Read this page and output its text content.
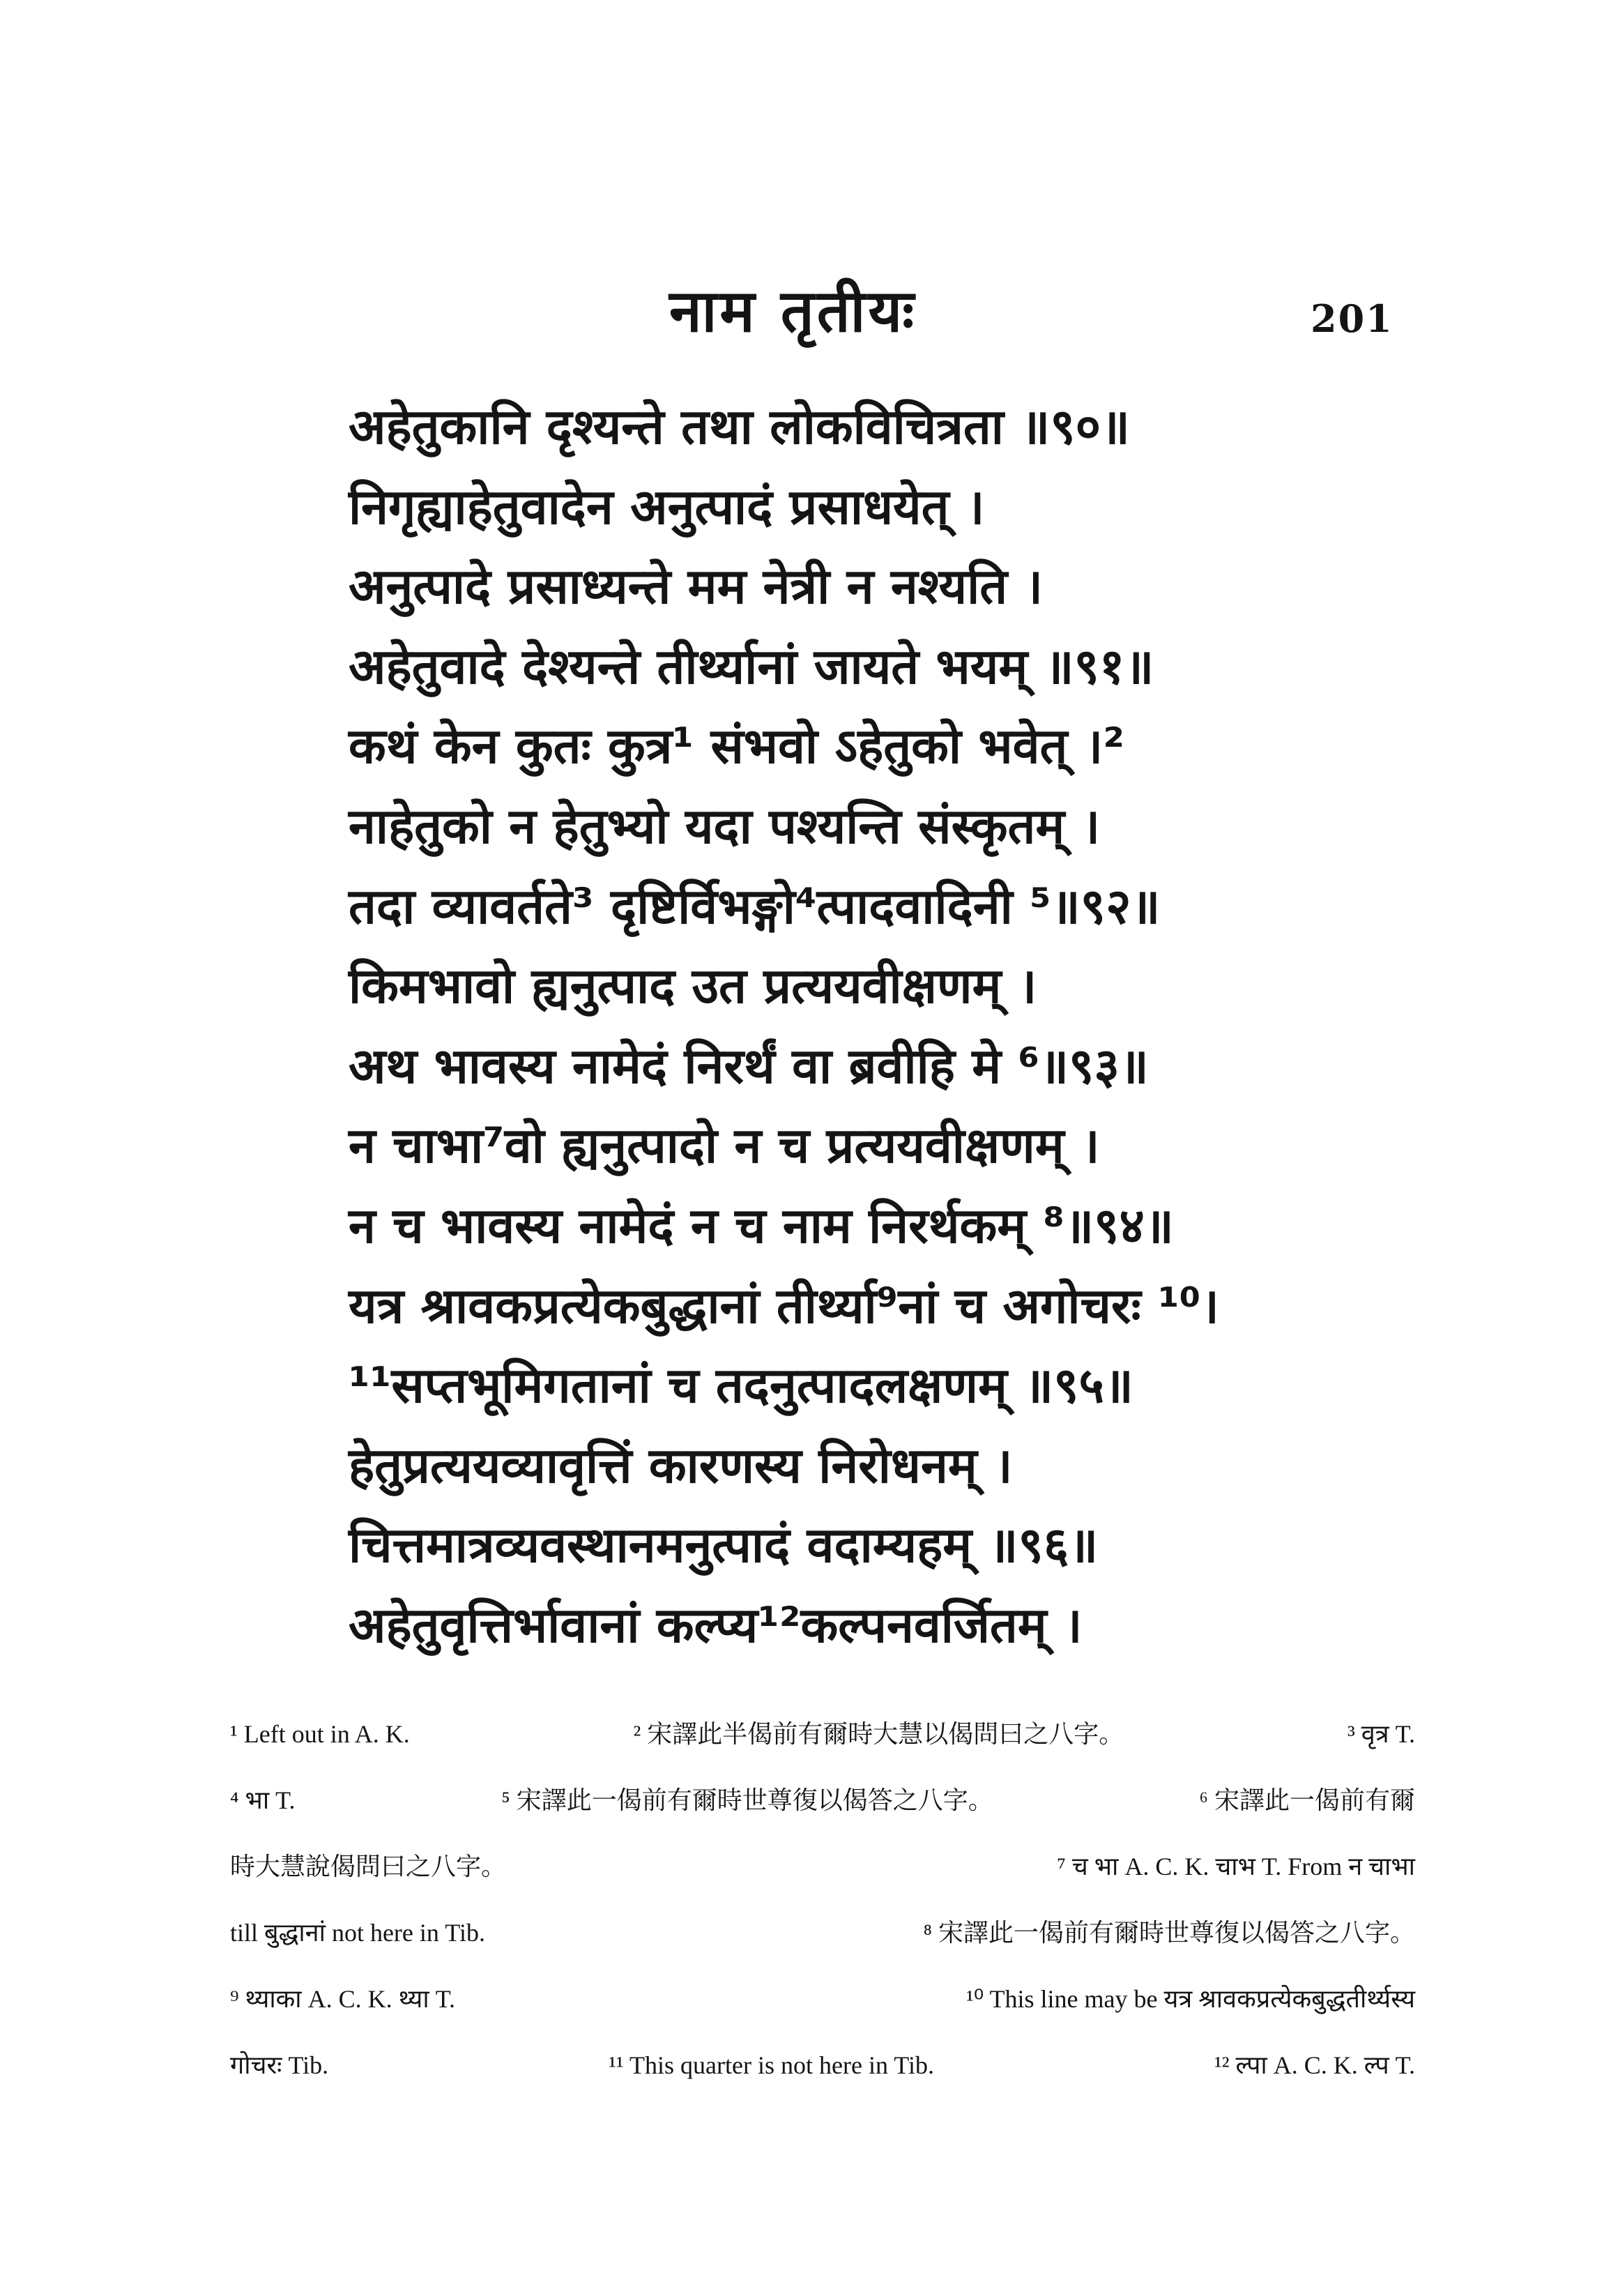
नाम तृतीयः	201
अहेतुकानि दृश्यन्ते तथा लोकविचित्रता ॥९०॥
निगृह्याहेतुवादेन अनुत्पादं प्रसाधयेत् ।
अनुत्पादे प्रसाध्यन्ते मम नेत्री न नश्यति ।
अहेतुवादे देश्यन्ते तीर्थ्यानां जायते भयम् ॥९१॥
कथं केन कुतः कुत्र¹ संभवो ऽहेतुको भवेत् ।²
नाहेतुको न हेतुभ्यो यदा पश्यन्ति संस्कृतम् ।
तदा व्यावर्तते³ दृष्टिर्विभङ्गो⁴त्पादवादिनी ⁵॥९२॥
किमभावो ह्यनुत्पाद उत प्रत्ययवीक्षणम् ।
अथ भावस्य नामेदं निरर्थं वा ब्रवीहि मे ⁶॥९३॥
न चाभा⁷वो ह्यनुत्पादो न च प्रत्ययवीक्षणम् ।
न च भावस्य नामेदं न च नाम निरर्थकम् ⁸॥९४॥
यत्र श्रावकप्रत्येकबुद्धानां तीर्थ्या⁹नां च अगोचरः ¹⁰।
¹¹सप्तभूमिगतानां च तदनुत्पादलक्षणम् ॥९५॥
हेतुप्रत्ययव्यावृत्तिं कारणस्य निरोधनम् ।
चित्तमात्रव्यवस्थानमनुत्पादं वदाम्यहम् ॥९६॥
अहेतुवृत्तिर्भावानां कल्प्य¹²कल्पनवर्जितम् ।
¹ Left out in A. K.	² 宋譯此半偈前有爾時大慧以偈問曰之八字。	³ वृत्र T.
⁴ भा T.	⁵ 宋譯此一偈前有爾時世尊復以偈答之八字。	⁶ 宋譯此一偈前有爾
時大慧說偈問曰之八字。	⁷ च भा A. C. K. चाभ T. From न चाभा
till बुद्धानां not here in Tib.	⁸ 宋譯此一偈前有爾時世尊復以偈答之八字。
⁹ थ्याका A. C. K. थ्या T.	¹⁰ This line may be यत्र श्रावकप्रत्येकबुद्धतीर्थ्यस्य
गोचरः Tib.	¹¹ This quarter is not here in Tib.	¹² ल्पा A. C. K. ल्प T.
